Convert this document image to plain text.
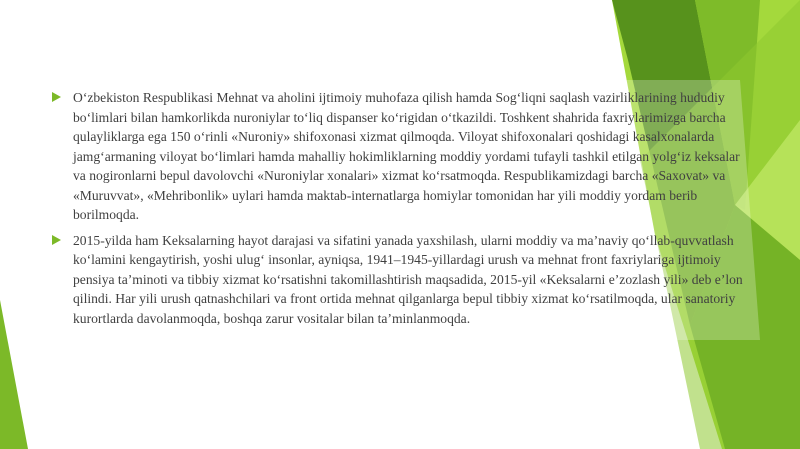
O‘zbekiston Respublikasi Mehnat va aholini ijtimoiy muhofaza qilish hamda Sog‘liqni saqlash vazirliklarining hududiy bo‘limlari bilan hamkorlikda nuroniylar to‘liq dispanser ko‘rigidan o‘tkazildi. Toshkent shahrida faxriylarimizga barcha qulayliklarga ega 150 o‘rinli «Nuroniy» shifoxonasi xizmat qilmoqda. Viloyat shifoxonalari qoshidagi kasalxonalarda jamg‘armaning viloyat bo‘limlari hamda mahalliy hokimliklarning moddiy yordami tufayli tashkil etilgan yolg‘iz keksalar va nogironlarni bepul davolovchi «Nuroniylar xonalari» xizmat ko‘rsatmoqda. Respublikamizdagi barcha «Saxovat» va «Muruvvat», «Mehribonlik» uylari hamda maktab-internatlarga homiylar tomonidan har yili moddiy yordam berib borilmoqda.

2015-yilda ham Keksalarning hayot darajasi va sifatini yanada yaxshilash, ularni moddiy va ma’naviy qo‘llab-quvvatlash ko‘lamini kengaytirish, yoshi ulug‘ insonlar, ayniqsa, 1941–1945-yillardagi urush va mehnat front faxriylariga ijtimoiy pensiya ta’minoti va tibbiy xizmat ko‘rsatishni takomillashtirish maqsadida, 2015-yil «Keksalarni e’zozlash yili» deb e’lon qilindi. Har yili urush qatnashchilari va front ortida mehnat qilganlarga bepul tibbiy xizmat ko‘rsatilmoqda, ular sanatoriy kurortlarda davolanmoqda, boshqa zarur vositalar bilan ta’minlanmoqda.
